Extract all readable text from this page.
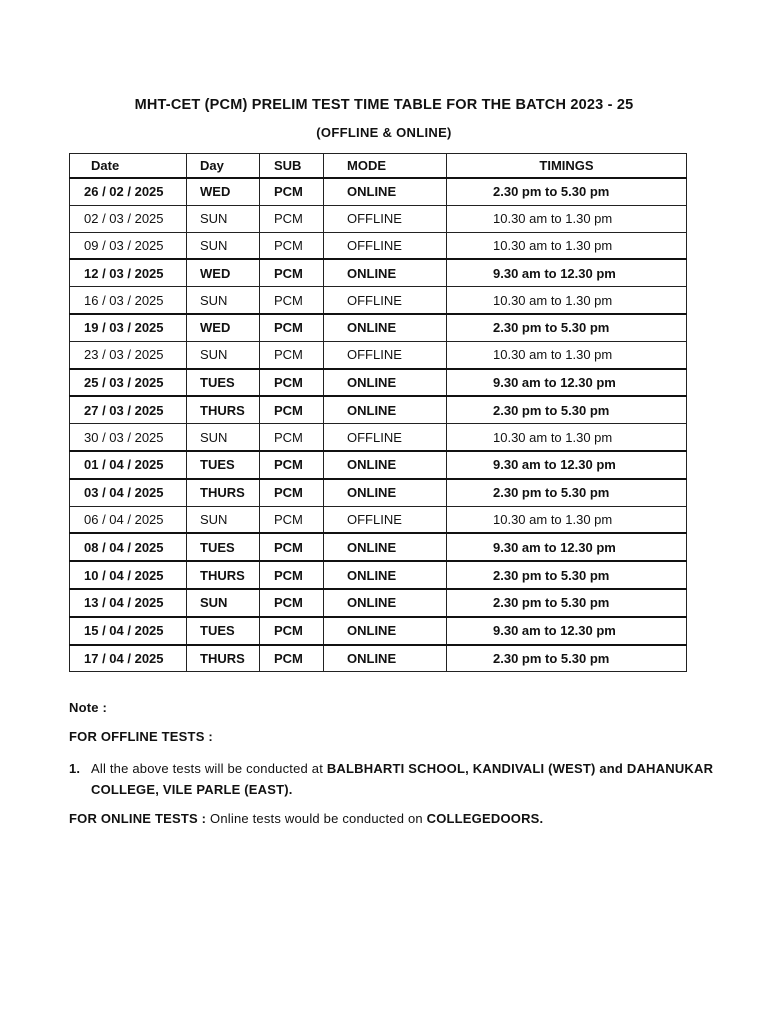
MHT-CET (PCM) PRELIM TEST TIME TABLE FOR THE BATCH 2023 - 25
(OFFLINE & ONLINE)
Date	Day	SUB	MODE	TIMINGS
26 / 02 / 2025	WED	PCM	ONLINE	2.30 pm to 5.30 pm
02 / 03 / 2025	SUN	PCM	OFFLINE	10.30 am to 1.30 pm
09 / 03 / 2025	SUN	PCM	OFFLINE	10.30 am to 1.30 pm
12 / 03 / 2025	WED	PCM	ONLINE	9.30 am to 12.30 pm
16 / 03 / 2025	SUN	PCM	OFFLINE	10.30 am to 1.30 pm
19 / 03 / 2025	WED	PCM	ONLINE	2.30 pm to 5.30 pm
23 / 03 / 2025	SUN	PCM	OFFLINE	10.30 am to 1.30 pm
25 / 03 / 2025	TUES	PCM	ONLINE	9.30 am to 12.30 pm
27 / 03 / 2025	THURS	PCM	ONLINE	2.30 pm to 5.30 pm
30 / 03 / 2025	SUN	PCM	OFFLINE	10.30 am to 1.30 pm
01 / 04 / 2025	TUES	PCM	ONLINE	9.30 am to 12.30 pm
03 / 04 / 2025	THURS	PCM	ONLINE	2.30 pm to 5.30 pm
06 / 04 / 2025	SUN	PCM	OFFLINE	10.30 am to 1.30 pm
08 / 04 / 2025	TUES	PCM	ONLINE	9.30 am to 12.30 pm
10 / 04 / 2025	THURS	PCM	ONLINE	2.30 pm to 5.30 pm
13 / 04 / 2025	SUN	PCM	ONLINE	2.30 pm to 5.30 pm
15 / 04 / 2025	TUES	PCM	ONLINE	9.30 am to 12.30 pm
17 / 04 / 2025	THURS	PCM	ONLINE	2.30 pm to 5.30 pm
Note :
FOR OFFLINE TESTS :
1. All the above tests will be conducted at BALBHARTI SCHOOL, KANDIVALI (WEST) and DAHANUKAR COLLEGE, VILE PARLE (EAST).
FOR ONLINE TESTS : Online tests would be conducted on COLLEGEDOORS.
